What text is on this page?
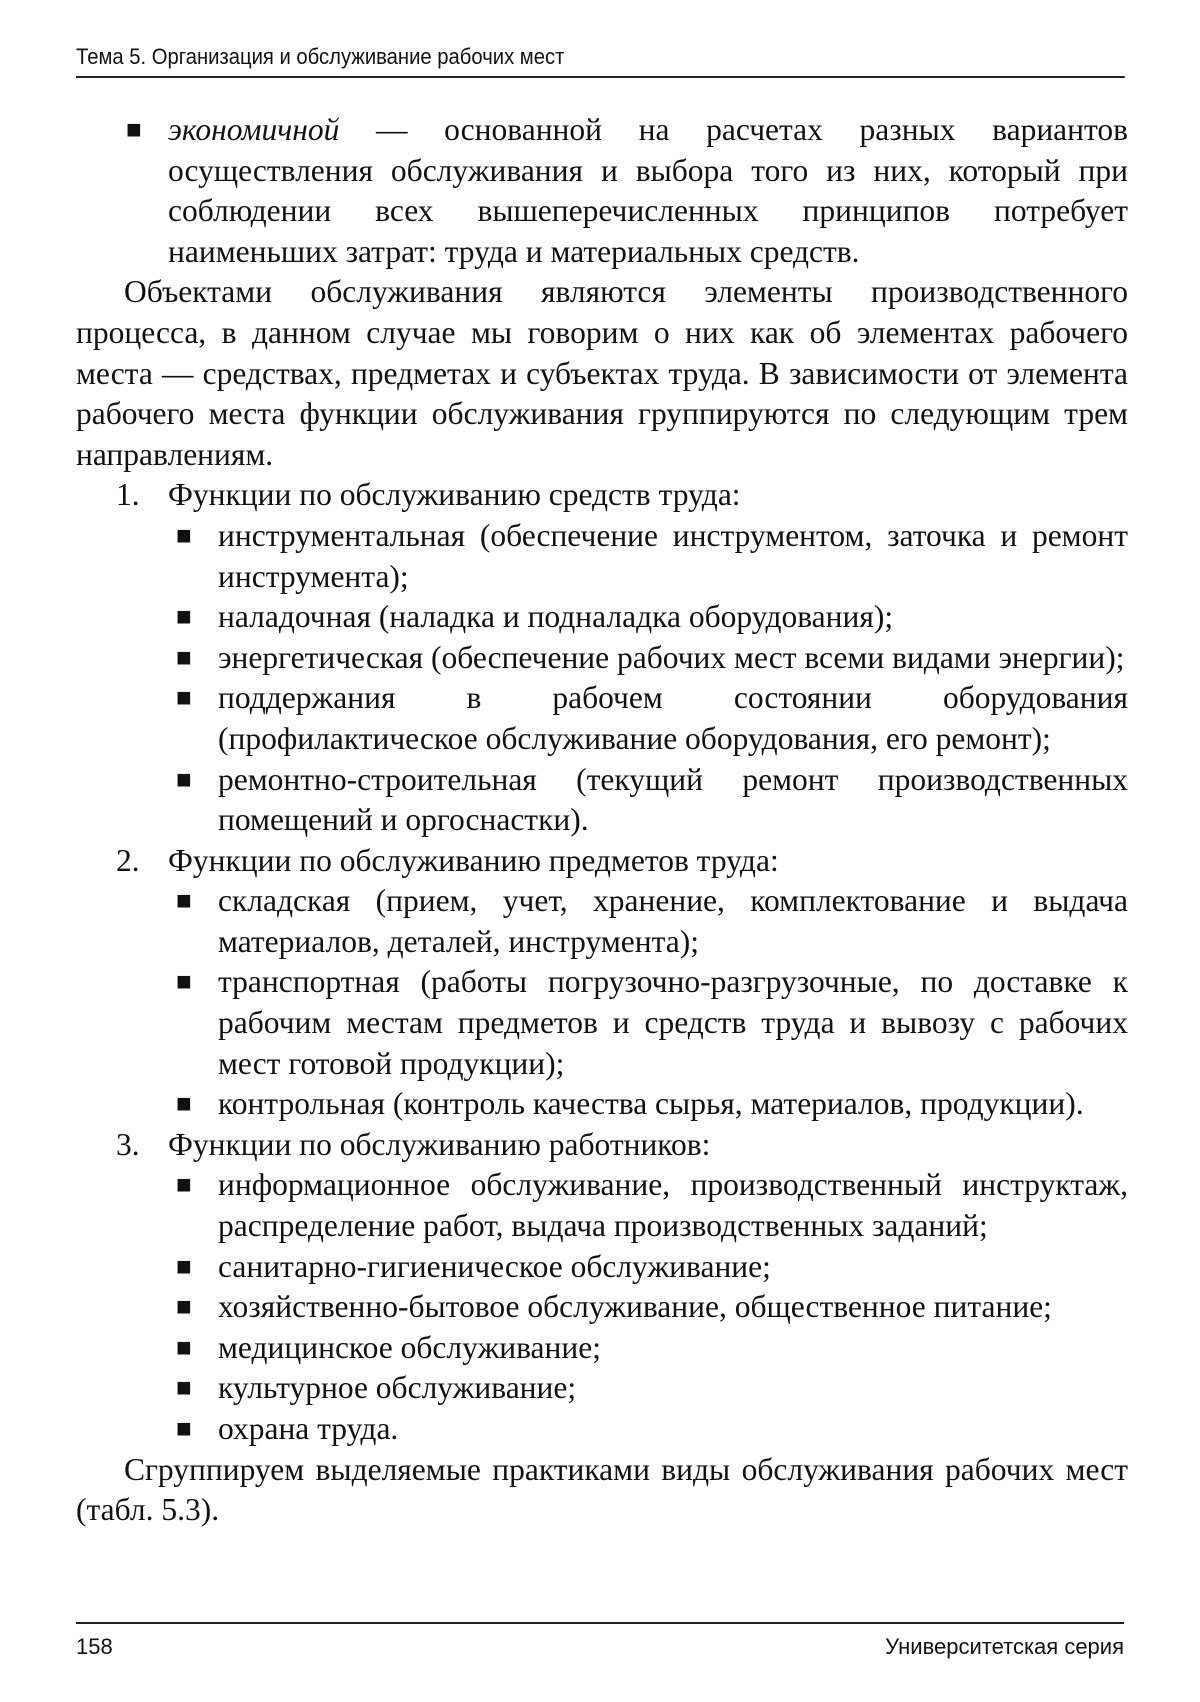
Тема 5. Организация и обслуживание рабочих мест

■ экономичной — основанной на расчетах разных вариантов осуществления обслуживания и выбора того из них, который при соблюдении всех вышеперечисленных принципов потребует наименьших затрат: труда и материальных средств.

Объектами обслуживания являются элементы производственного процесса, в данном случае мы говорим о них как об элементах рабочего места — средствах, предметах и субъектах труда. В зависимости от элемента рабочего места функции обслуживания группируются по следующим трем направлениям.

1. Функции по обслуживанию средств труда:

■ инструментальная (обеспечение инструментом, заточка и ремонт инструмента);

■ наладочная (наладка и подналадка оборудования);

■ энергетическая (обеспечение рабочих мест всеми видами энергии);

■ поддержания в рабочем состоянии оборудования (профилактическое обслуживание оборудования, его ремонт);

■ ремонтно-строительная (текущий ремонт производственных помещений и оргоснастки).

2. Функции по обслуживанию предметов труда:

■ складская (прием, учет, хранение, комплектование и выдача материалов, деталей, инструмента);

■ транспортная (работы погрузочно-разгрузочные, по доставке к рабочим местам предметов и средств труда и вывозу с рабочих мест готовой продукции);

■ контрольная (контроль качества сырья, материалов, продукции).

3. Функции по обслуживанию работников:

■ информационное обслуживание, производственный инструктаж, распределение работ, выдача производственных заданий;

■ санитарно-гигиеническое обслуживание;

■ хозяйственно-бытовое обслуживание, общественное питание;

■ медицинское обслуживание;

■ культурное обслуживание;

■ охрана труда.

Сгруппируем выделяемые практиками виды обслуживания рабочих мест (табл. 5.3).

158	Университетская серия
